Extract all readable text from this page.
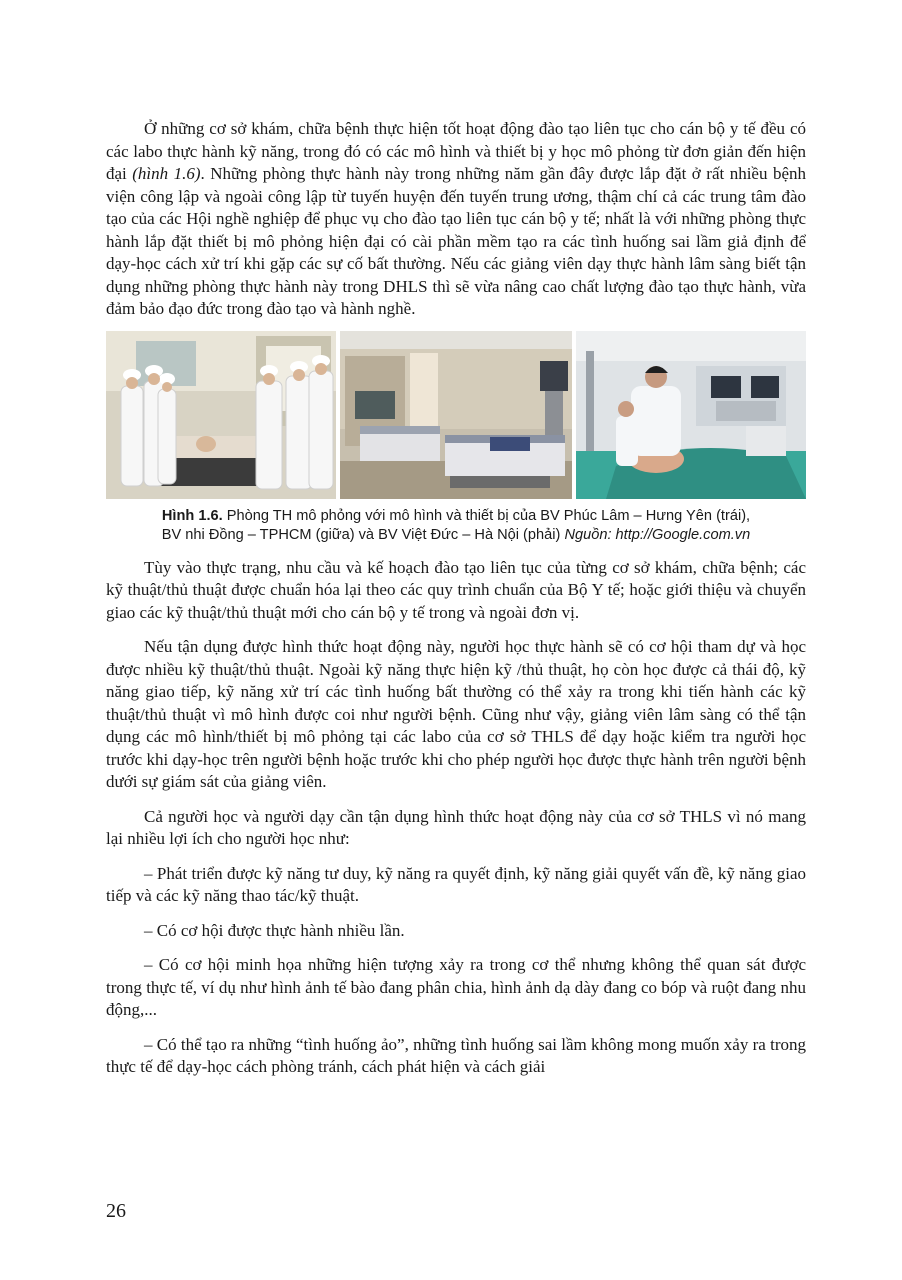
Ở những cơ sở khám, chữa bệnh thực hiện tốt hoạt động đào tạo liên tục cho cán bộ y tế đều có các labo thực hành kỹ năng, trong đó có các mô hình và thiết bị y học mô phỏng từ đơn giản đến hiện đại (hình 1.6). Những phòng thực hành này trong những năm gần đây được lắp đặt ở rất nhiều bệnh viện công lập và ngoài công lập từ tuyến huyện đến tuyến trung ương, thậm chí cả các trung tâm đào tạo của các Hội nghề nghiệp để phục vụ cho đào tạo liên tục cán bộ y tế; nhất là với những phòng thực hành lắp đặt thiết bị mô phỏng hiện đại có cài phần mềm tạo ra các tình huống sai lầm giả định để dạy-học cách xử trí khi gặp các sự cố bất thường. Nếu các giảng viên dạy thực hành lâm sàng biết tận dụng những phòng thực hành này trong DHLS thì sẽ vừa nâng cao chất lượng đào tạo thực hành, vừa đảm bảo đạo đức trong đào tạo và hành nghề.

Hình 1.6. Phòng TH mô phỏng với mô hình và thiết bị của BV Phúc Lâm – Hưng Yên (trái),
BV nhi Đồng – TPHCM (giữa) và BV Việt Đức – Hà Nội (phải) Nguồn: http://Google.com.vn

Tùy vào thực trạng, nhu cầu và kế hoạch đào tạo liên tục của từng cơ sở khám, chữa bệnh; các kỹ thuật/thủ thuật được chuẩn hóa lại theo các quy trình chuẩn của Bộ Y tế; hoặc giới thiệu và chuyển giao các kỹ thuật/thủ thuật mới cho cán bộ y tế trong và ngoài đơn vị.

Nếu tận dụng được hình thức hoạt động này, người học thực hành sẽ có cơ hội tham dự và học được nhiều kỹ thuật/thủ thuật. Ngoài kỹ năng thực hiện kỹ /thủ thuật, họ còn học được cả thái độ, kỹ năng giao tiếp, kỹ năng xử trí các tình huống bất thường có thể xảy ra trong khi tiến hành các kỹ thuật/thủ thuật vì mô hình được coi như người bệnh. Cũng như vậy, giảng viên lâm sàng có thể tận dụng các mô hình/thiết bị mô phỏng tại các labo của cơ sở THLS để dạy hoặc kiểm tra người học trước khi dạy-học trên người bệnh hoặc trước khi cho phép người học được thực hành trên người bệnh dưới sự giám sát của giảng viên.

Cả người học và người dạy cần tận dụng hình thức hoạt động này của cơ sở THLS vì nó mang lại nhiều lợi ích cho người học như:

– Phát triển được kỹ năng tư duy, kỹ năng ra quyết định, kỹ năng giải quyết vấn đề, kỹ năng giao tiếp và các kỹ năng thao tác/kỹ thuật.

– Có cơ hội được thực hành nhiều lần.

– Có cơ hội minh họa những hiện tượng xảy ra trong cơ thể nhưng không thể quan sát được trong thực tế, ví dụ như hình ảnh tế bào đang phân chia, hình ảnh dạ dày đang co bóp và ruột đang nhu động,...

– Có thể tạo ra những “tình huống ảo”, những tình huống sai lầm không mong muốn xảy ra trong thực tế để dạy-học cách phòng tránh, cách phát hiện và cách giải

26
